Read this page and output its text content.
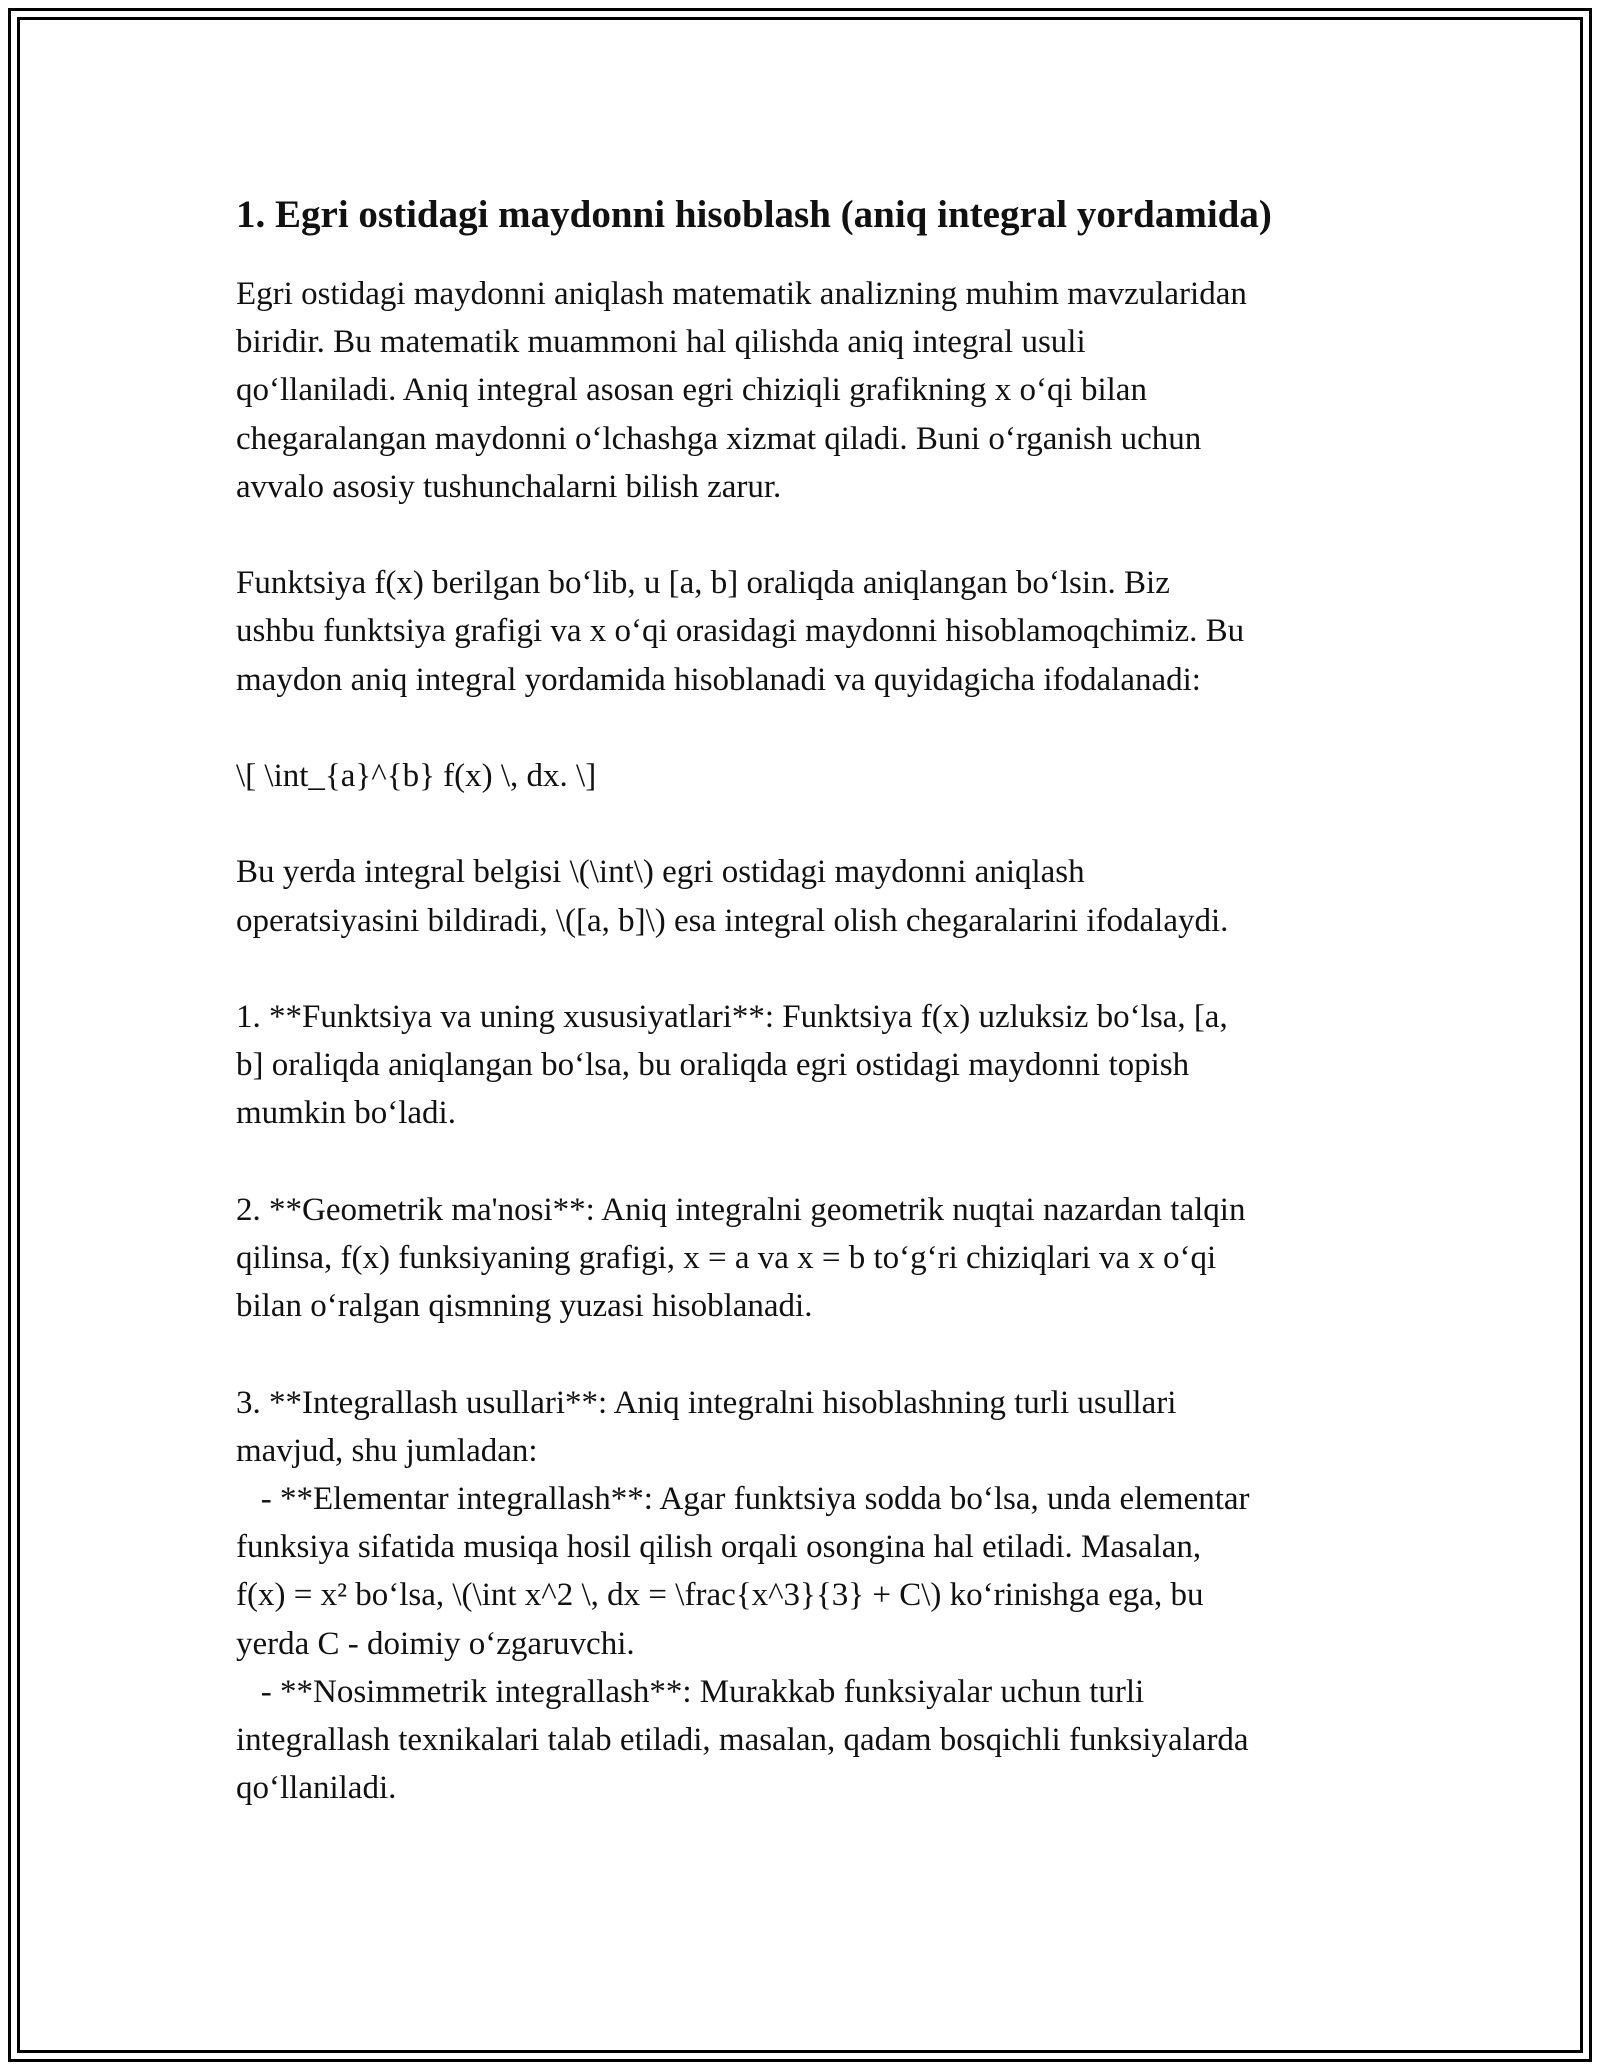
1. Egri ostidagi maydonni hisoblash (aniq integral yordamida)
Egri ostidagi maydonni aniqlash matematik analizning muhim mavzularidan
biridir. Bu matematik muammoni hal qilishda aniq integral usuli
qo‘llaniladi. Aniq integral asosan egri chiziqli grafikning x o‘qi bilan
chegaralangan maydonni o‘lchashga xizmat qiladi. Buni o‘rganish uchun
avvalo asosiy tushunchalarni bilish zarur.
Funktsiya f(x) berilgan bo‘lib, u [a, b] oraliqda aniqlangan bo‘lsin. Biz
ushbu funktsiya grafigi va x o‘qi orasidagi maydonni hisoblamoqchimiz. Bu
maydon aniq integral yordamida hisoblanadi va quyidagicha ifodalanadi:
\[ \int_{a}^{b} f(x) \, dx. \]
Bu yerda integral belgisi \(\int\) egri ostidagi maydonni aniqlash
operatsiyasini bildiradi, \([a, b]\) esa integral olish chegaralarini ifodalaydi.
1. **Funktsiya va uning xususiyatlari**: Funktsiya f(x) uzluksiz bo‘lsa, [a,
b] oraliqda aniqlangan bo‘lsa, bu oraliqda egri ostidagi maydonni topish
mumkin bo‘ladi.
2. **Geometrik ma'nosi**: Aniq integralni geometrik nuqtai nazardan talqin
qilinsa, f(x) funksiyaning grafigi, x = a va x = b to‘g‘ri chiziqlari va x o‘qi
bilan o‘ralgan qismning yuzasi hisoblanadi.
3. **Integrallash usullari**: Aniq integralni hisoblashning turli usullari
mavjud, shu jumladan:
- **Elementar integrallash**: Agar funktsiya sodda bo‘lsa, unda elementar
funksiya sifatida musiqa hosil qilish orqali osongina hal etiladi. Masalan,
f(x) = x² bo‘lsa, \(\int x^2 \, dx = \frac{x^3}{3} + C\) ko‘rinishga ega, bu
yerda C - doimiy o‘zgaruvchi.
- **Nosimmetrik integrallash**: Murakkab funksiyalar uchun turli
integrallash texnikalari talab etiladi, masalan, qadam bosqichli funksiyalarda
qo‘llaniladi.
